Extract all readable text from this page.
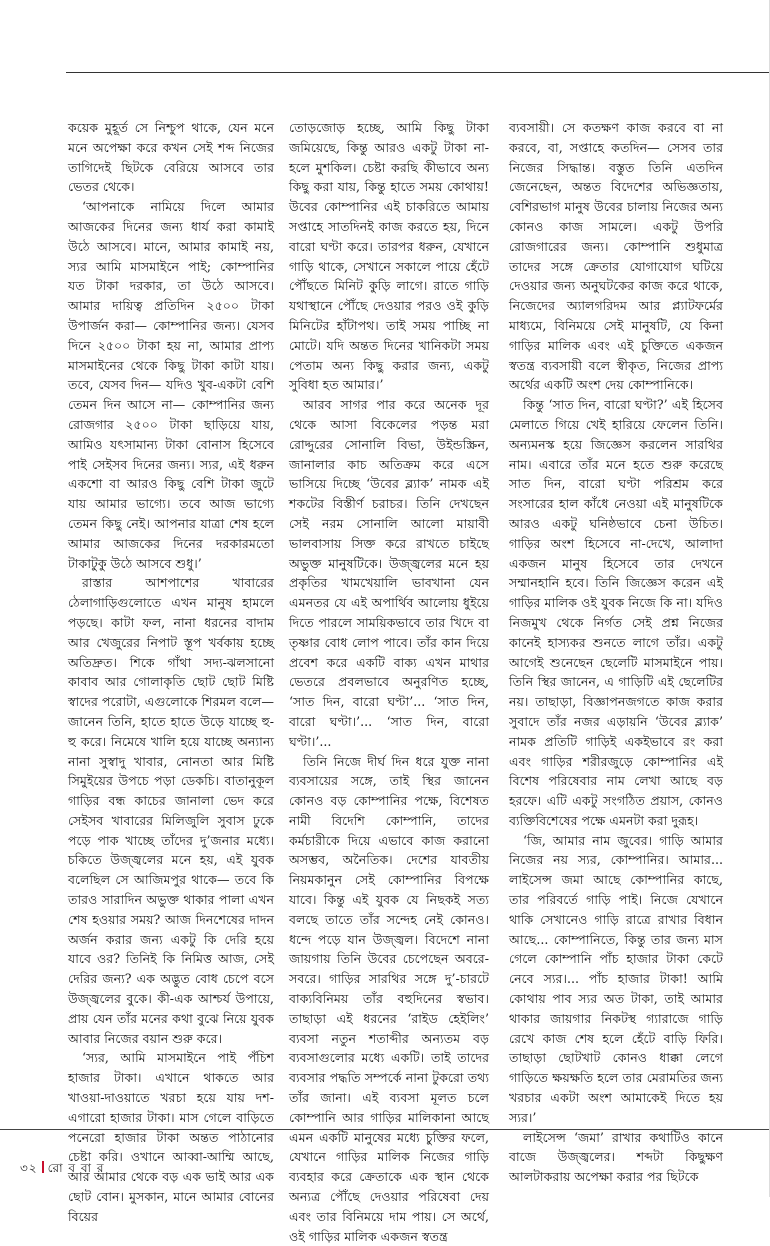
কয়েক মুহূর্ত সে নিশ্চুপ থাকে, যেন মনে মনে অপেক্ষা করে কখন সেই শব্দ নিজের তাগিদেই ছিটকে বেরিয়ে আসবে তার ভেতর থেকে।

‘আপনাকে নামিয়ে দিলে আমার আজকের দিনের জন্য ধার্য করা কামাই উঠে আসবে। মানে, আমার কামাই নয়, স্যর আমি মাসমাইনে পাই; কোম্পানির যত টাকা দরকার, তা উঠে আসবে। আমার দায়িত্ব প্রতিদিন ২৫০০ টাকা উপার্জন করা— কোম্পানির জন্য। যেসব দিনে ২৫০০ টাকা হয় না, আমার প্রাপ্য মাসমাইনের থেকে কিছু টাকা কাটা যায়। তবে, যেসব দিন— যদিও খুব-একটা বেশি তেমন দিন আসে না— কোম্পানির জন্য রোজগার ২৫০০ টাকা ছাড়িয়ে যায়, আমিও যৎসামান্য টাকা বোনাস হিসেবে পাই সেইসব দিনের জন্য। স্যর, এই ধরুন একশো বা আরও কিছু বেশি টাকা জুটে যায় আমার ভাগ্যে। তবে আজ ভাগ্যে তেমন কিছু নেই। আপনার যাত্রা শেষ হলে আমার আজকের দিনের দরকারমতো টাকাটুকু উঠে আসবে শুধু।’

রাস্তার আশপাশের খাবারের ঠেলাগাড়িগুলোতে এখন মানুষ হামলে পড়ছে। কাটা ফল, নানা ধরনের বাদাম আর খেজুরের নিপাট স্তূপ খর্বকায় হচ্ছে অতিদ্রুত। শিকে গাঁথা সদ্য-ঝলসানো কাবাব আর গোলাকৃতি ছোট ছোট মিষ্টি স্বাদের পরোটা, এগুলোকে শিরমল বলে— জানেন তিনি, হাতে হাতে উড়ে যাচ্ছে হু-হু করে। নিমেষে খালি হয়ে যাচ্ছে অন্যান্য নানা সুস্বাদু খাবার, নোনতা আর মিষ্টি সিমুইয়ের উপচে পড়া ডেকচি। বাতানুকূল গাড়ির বন্ধ কাচের জানালা ভেদ করে সেইসব খাবারের মিলিজুলি সুবাস ঢুকে পড়ে পাক খাচ্ছে তাঁদের দু’জনার মধ্যে। চকিতে উজ্জ্বলের মনে হয়, এই যুবক বলেছিল সে আজিমপুর থাকে— তবে কি তারও সারাদিন অভুক্ত থাকার পালা এখন শেষ হওয়ার সময়? আজ দিনশেষের দাদন অর্জন করার জন্য একটু কি দেরি হয়ে যাবে ওর? তিনিই কি নিমিত্ত আজ, সেই দেরির জন্য? এক অদ্ভুত বোধ চেপে বসে উজ্জ্বলের বুকে। কী-এক আশ্চর্য উপায়ে, প্রায় যেন তাঁর মনের কথা বুঝে নিয়ে যুবক আবার নিজের বয়ান শুরু করে।

‘স্যর, আমি মাসমাইনে পাই পঁচিশ হাজার টাকা। এখানে থাকতে আর খাওয়া-দাওয়াতে খরচা হয়ে যায় দশ-এগারো হাজার টাকা। মাস গেলে বাড়িতে পনেরো হাজার টাকা অন্তত পাঠানোর চেষ্টা করি। ওখানে আব্বা-আম্মি আছে, আর আমার থেকে বড় এক ভাই আর এক ছোট বোন। মুসকান, মানে আমার বোনের বিয়ের

তোড়জোড় হচ্ছে, আমি কিছু টাকা জমিয়েছে, কিন্তু আরও একটু টাকা না-হলে মুশকিল। চেষ্টা করছি কীভাবে অন্য কিছু করা যায়, কিন্তু হাতে সময় কোথায়! উবের কোম্পানির এই চাকরিতে আমায় সপ্তাহে সাতদিনই কাজ করতে হয়, দিনে বারো ঘণ্টা করে। তারপর ধরুন, যেখানে গাড়ি থাকে, সেখানে সকালে পায়ে হেঁটে পৌঁছতে মিনিট কুড়ি লাগে। রাতে গাড়ি যথাস্থানে পৌঁছে দেওয়ার পরও ওই কুড়ি মিনিটের হাঁটাপথ। তাই সময় পাচ্ছি না মোটে। যদি অন্তত দিনের খানিকটা সময় পেতাম অন্য কিছু করার জন্য, একটু সুবিধা হত আমার।’

আরব সাগর পার করে অনেক দূর থেকে আসা বিকেলের পড়ন্ত মরা রোদ্দুরের সোনালি বিভা, উইন্ডস্ক্রিন, জানালার কাচ অতিক্রম করে এসে ভাসিয়ে দিচ্ছে ‘উবের ব্ল্যাক’ নামক এই শকটের বিস্তীর্ণ চরাচর। তিনি দেখছেন সেই নরম সোনালি আলো মায়াবী ভালবাসায় সিক্ত করে রাখতে চাইছে অভুক্ত মানুষটিকে। উজ্জ্বলের মনে হয় প্রকৃতির খামখেয়ালি ভাবখানা যেন এমনতর যে এই অপার্থিব আলোয় ধুইয়ে দিতে পারলে সাময়িকভাবে তার খিদে বা তৃষ্ণার বোধ লোপ পাবে। তাঁর কান দিয়ে প্রবেশ করে একটি বাক্য এখন মাথার ভেতরে প্রবলভাবে অনুরণিত হচ্ছে, ‘সাত দিন, বারো ঘণ্টা’... ‘সাত দিন, বারো ঘণ্টা।’... ‘সাত দিন, বারো ঘণ্টা।’...

তিনি নিজে দীর্ঘ দিন ধরে যুক্ত নানা ব্যবসায়ের সঙ্গে, তাই স্থির জানেন কোনও বড় কোম্পানির পক্ষে, বিশেষত নামী বিদেশি কোম্পানি, তাদের কর্মচারীকে দিয়ে এভাবে কাজ করানো অসম্ভব, অনৈতিক। দেশের যাবতীয় নিয়মকানুন সেই কোম্পানির বিপক্ষে যাবে। কিন্তু এই যুবক যে নিছকই সত্য বলছে তাতে তাঁর সন্দেহ নেই কোনও। ধন্দে পড়ে যান উজ্জ্বল। বিদেশে নানা জায়গায় তিনি উবের চেপেছেন অবরে-সবরে। গাড়ির সারথির সঙ্গে দু’-চারটে বাক্যবিনিময় তাঁর বহুদিনের স্বভাব। তাছাড়া এই ধরনের ‘রাইড হেইলিং’ ব্যবসা নতুন শতাব্দীর অন্যতম বড় ব্যবসাগুলোর মধ্যে একটি। তাই তাদের ব্যবসার পদ্ধতি সম্পর্কে নানা টুকরো তথ্য তাঁর জানা। এই ব্যবসা মূলত চলে কোম্পানি আর গাড়ির মালিকানা আছে এমন একটি মানুষের মধ্যে চুক্তির ফলে, যেখানে গাড়ির মালিক নিজের গাড়ি ব্যবহার করে ক্রেতাকে এক স্থান থেকে অন্যত্র পৌঁছে দেওয়ার পরিষেবা দেয় এবং তার বিনিময়ে দাম পায়। সে অর্থে, ওই গাড়ির মালিক একজন স্বতন্ত্র

ব্যবসায়ী। সে কতক্ষণ কাজ করবে বা না করবে, বা, সপ্তাহে কতদিন— সেসব তার নিজের সিদ্ধান্ত। বস্তুত তিনি এতদিন জেনেছেন, অন্তত বিদেশের অভিজ্ঞতায়, বেশিরভাগ মানুষ উবের চালায় নিজের অন্য কোনও কাজ সামলে। একটু উপরি রোজগারের জন্য। কোম্পানি শুধুমাত্র তাদের সঙ্গে ক্রেতার যোগাযোগ ঘটিয়ে দেওয়ার জন্য অনুঘটকের কাজ করে থাকে, নিজেদের অ্যালগরিদম আর প্ল্যাটফর্মের মাধ্যমে, বিনিময়ে সেই মানুষটি, যে কিনা গাড়ির মালিক এবং এই চুক্তিতে একজন স্বতন্ত্র ব্যবসায়ী বলে স্বীকৃত, নিজের প্রাপ্য অর্থের একটি অংশ দেয় কোম্পানিকে।

কিন্তু ‘সাত দিন, বারো ঘণ্টা?’ এই হিসেব মেলাতে গিয়ে খেই হারিয়ে ফেলেন তিনি। অন্যমনস্ক হয়ে জিজ্ঞেস করলেন সারথির নাম। এবারে তাঁর মনে হতে শুরু করেছে সাত দিন, বারো ঘণ্টা পরিশ্রম করে সংসারের হাল কাঁধে নেওয়া এই মানুষটিকে আরও একটু ঘনিষ্ঠভাবে চেনা উচিত। গাড়ির অংশ হিসেবে না-দেখে, আলাদা একজন মানুষ হিসেবে তার দেখনে সম্মানহানি হবে। তিনি জিজ্ঞেস করেন এই গাড়ির মালিক ওই যুবক নিজে কি না। যদিও নিজমুখ থেকে নির্গত সেই প্রশ্ন নিজের কানেই হাস্যকর শুনতে লাগে তাঁর। একটু আগেই শুনেছেন ছেলেটি মাসমাইনে পায়। তিনি স্থির জানেন, এ গাড়িটি এই ছেলেটির নয়। তাছাড়া, বিজ্ঞাপনজগতে কাজ করার সুবাদে তাঁর নজর এড়ায়নি ‘উবের ব্ল্যাক’ নামক প্রতিটি গাড়িই একইভাবে রং করা এবং গাড়ির শরীরজুড়ে কোম্পানির এই বিশেষ পরিষেবার নাম লেখা আছে বড় হরফে। এটি একটু সংগঠিত প্রয়াস, কোনও ব্যক্তিবিশেষের পক্ষে এমনটা করা দুরূহ।

‘জি, আমার নাম জুবের। গাড়ি আমার নিজের নয় স্যর, কোম্পানির। আমার... লাইসেন্স জমা আছে কোম্পানির কাছে, তার পরিবর্তে গাড়ি পাই। নিজে যেখানে থাকি সেখানেও গাড়ি রাত্রে রাখার বিধান আছে... কোম্পানিতে, কিন্তু তার জন্য মাস গেলে কোম্পানি পাঁচ হাজার টাকা কেটে নেবে স্যর।... পাঁচ হাজার টাকা! আমি কোথায় পাব স্যর অত টাকা, তাই আমার থাকার জায়গার নিকটস্থ গ্যারাজে গাড়ি রেখে কাজ শেষ হলে হেঁটে বাড়ি ফিরি। তাছাড়া ছোটখাট কোনও ধাক্কা লেগে গাড়িতে ক্ষয়ক্ষতি হলে তার মেরামতির জন্য খরচার একটা অংশ আমাকেই দিতে হয় স্যর।’

লাইসেন্স ‘জমা’ রাখার কথাটিও কানে বাজে উজ্জ্বলের। শব্দটা কিছুক্ষণ আলটাকরায় অপেক্ষা করার পর ছিটকে

৩২ রো ব বা র
